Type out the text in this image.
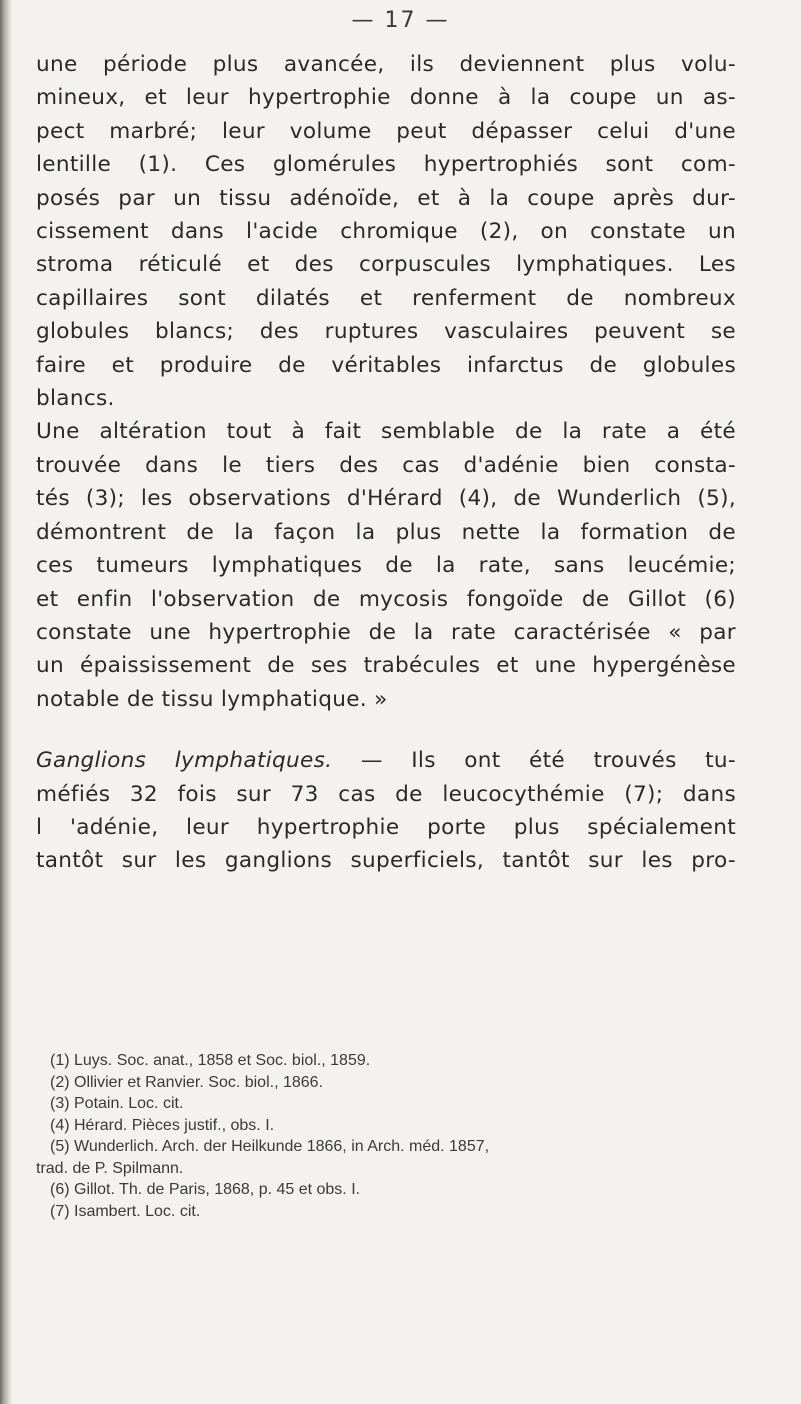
— 17 —
une période plus avancée, ils deviennent plus volu-
mineux, et leur hypertrophie donne à la coupe un as-
pect marbré; leur volume peut dépasser celui d'une
lentille (1). Ces glomérules hypertrophiés sont com-
posés par un tissu adénoïde, et à la coupe après dur-
cissement dans l'acide chromique (2), on constate un
stroma réticulé et des corpuscules lymphatiques. Les
capillaires sont dilatés et renferment de nombreux
globules blancs; des ruptures vasculaires peuvent se
faire et produire de véritables infarctus de globules
blancs.
Une altération tout à fait semblable de la rate a été
trouvée dans le tiers des cas d'adénie bien consta-
tés (3); les observations d'Hérard (4), de Wunderlich (5),
démontrent de la façon la plus nette la formation de
ces tumeurs lymphatiques de la rate, sans leucémie;
et enfin l'observation de mycosis fongoïde de Gillot (6)
constate une hypertrophie de la rate caractérisée « par
un épaississement de ses trabécules et une hypergénèse
notable de tissu lymphatique. »
Ganglions lymphatiques. — Ils ont été trouvés tu-
méfiés 32 fois sur 73 cas de leucocythémie (7); dans
l 'adénie, leur hypertrophie porte plus spécialement
tantôt sur les ganglions superficiels, tantôt sur les pro-
(1) Luys. Soc. anat., 1858 et Soc. biol., 1859.
(2) Ollivier et Ranvier. Soc. biol., 1866.
(3) Potain. Loc. cit.
(4) Hérard. Pièces justif., obs. I.
(5) Wunderlich. Arch. der Heilkunde 1866, in Arch. méd. 1857,
trad. de P. Spilmann.
(6) Gillot. Th. de Paris, 1868, p. 45 et obs. I.
(7) Isambert. Loc. cit.
